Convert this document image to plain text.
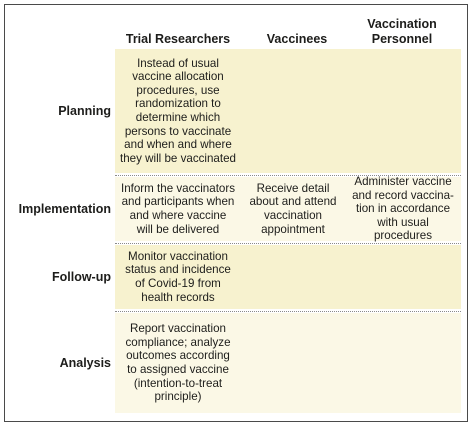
Trial Researchers	Vaccinees
Vaccination
Personnel
Planning
Instead of usual
vaccine allocation
procedures, use
randomization to
determine which
persons to vaccinate
and when and where
they will be vaccinated
Implementation
Inform the vaccinators
and participants when
and where vaccine
will be delivered
Receive detail
about and attend
vaccination
appointment
Administer vaccine
and record vaccina-
tion in accordance
with usual procedures
Follow-up
Monitor vaccination
status and incidence
of Covid-19 from
health records
Analysis
Report vaccination
compliance; analyze
outcomes according
to assigned vaccine
(intention-to-treat
principle)
